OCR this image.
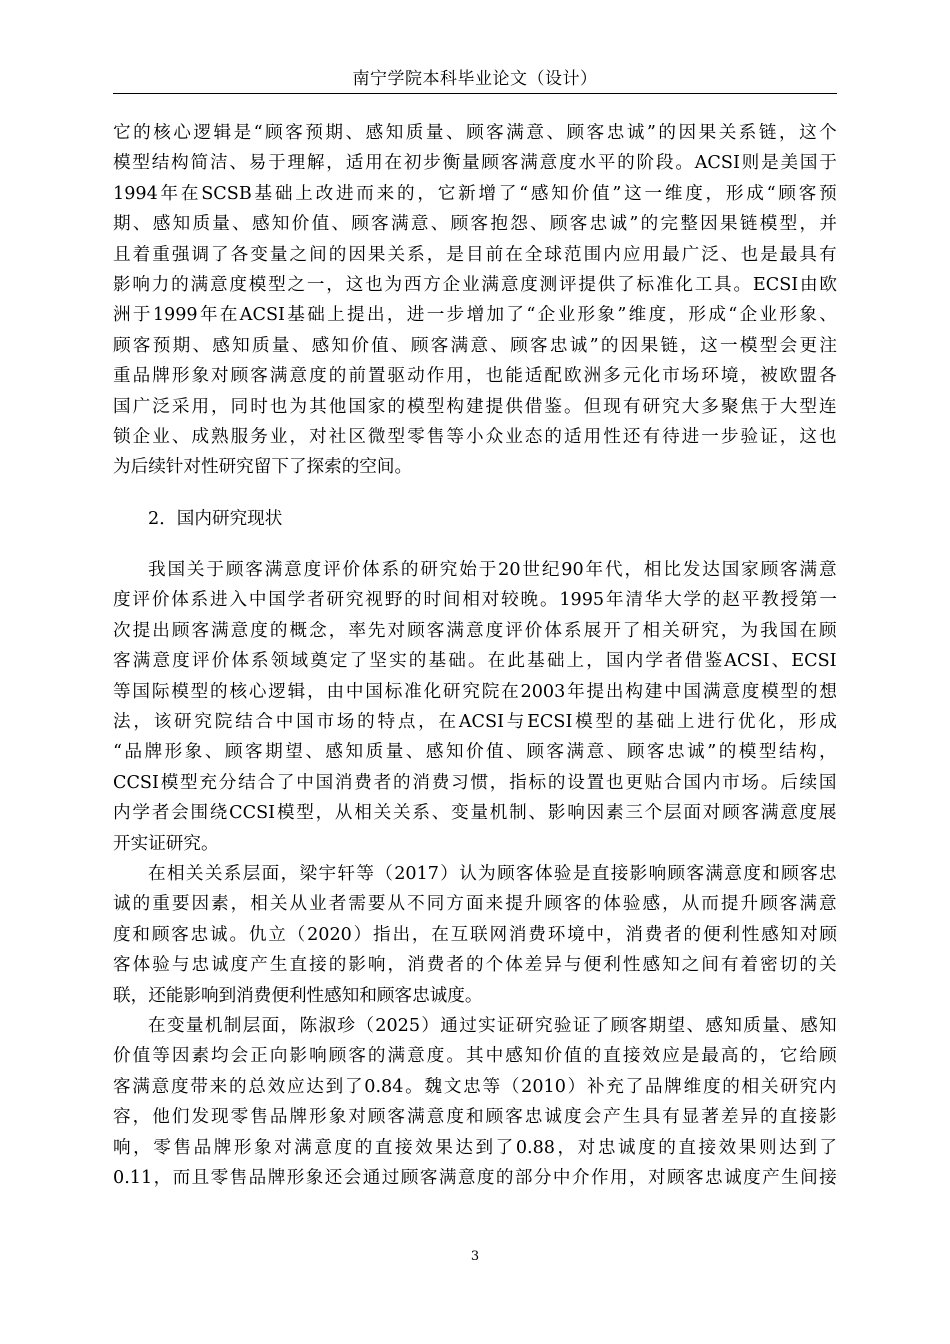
南宁学院本科毕业论文（设计）
它 的 核 心 逻 辑 是 “ 顾 客 预 期 、 感 知 质 量 、 顾 客 满 意 、 顾 客 忠 诚 ” 的 因 果 关 系 链 ， 这 个
模 型 结 构 简 洁 、 易 于 理 解 ， 适 用 在 初 步 衡 量 顾 客 满 意 度 水 平 的 阶 段 。 ACSI 则 是 美 国 于
1994 年 在 SCSB 基 础 上 改 进 而 来 的 ， 它 新 增 了 “ 感 知 价 值 ” 这 一 维 度 ， 形 成 “ 顾 客 预
期 、 感 知 质 量 、 感 知 价 值 、 顾 客 满 意 、 顾 客 抱 怨 、 顾 客 忠 诚 ” 的 完 整 因 果 链 模 型 ， 并
且 着 重 强 调 了 各 变 量 之 间 的 因 果 关 系 ， 是 目 前 在 全 球 范 围 内 应 用 最 广 泛 、 也 是 最 具 有
影 响 力 的 满 意 度 模 型 之 一 ， 这 也 为 西 方 企 业 满 意 度 测 评 提 供 了 标 准 化 工 具 。 ECSI 由 欧
洲 于 1999 年 在 ACSI 基 础 上 提 出 ， 进 一 步 增 加 了 “ 企 业 形 象 ” 维 度 ， 形 成 “ 企 业 形 象 、
顾 客 预 期 、 感 知 质 量 、 感 知 价 值 、 顾 客 满 意 、 顾 客 忠 诚 ” 的 因 果 链 ， 这 一 模 型 会 更 注
重 品 牌 形 象 对 顾 客 满 意 度 的 前 置 驱 动 作 用 ， 也 能 适 配 欧 洲 多 元 化 市 场 环 境 ， 被 欧 盟 各
国 广 泛 采 用 ， 同 时 也 为 其 他 国 家 的 模 型 构 建 提 供 借 鉴 。 但 现 有 研 究 大 多 聚 焦 于 大 型 连
锁 企 业 、 成 熟 服 务 业 ， 对 社 区 微 型 零 售 等 小 众 业 态 的 适 用 性 还 有 待 进 一 步 验 证 ， 这 也
为后续针对性研究留下了探索的空间。
2．国内研究现状
我 国 关 于 顾 客 满 意 度 评 价 体 系 的 研 究 始 于 20 世 纪 90 年 代 ， 相 比 发 达 国 家 顾 客 满 意
度 评 价 体 系 进 入 中 国 学 者 研 究 视 野 的 时 间 相 对 较 晚 。 1995 年 清 华 大 学 的 赵 平 教 授 第 一
次 提 出 顾 客 满 意 度 的 概 念 ， 率 先 对 顾 客 满 意 度 评 价 体 系 展 开 了 相 关 研 究 ， 为 我 国 在 顾
客 满 意 度 评 价 体 系 领 域 奠 定 了 坚 实 的 基 础 。 在 此 基 础 上 ， 国 内 学 者 借 鉴 ACSI 、 ECSI
等 国 际 模 型 的 核 心 逻 辑 ， 由 中 国 标 准 化 研 究 院 在 2003 年 提 出 构 建 中 国 满 意 度 模 型 的 想
法 ， 该 研 究 院 结 合 中 国 市 场 的 特 点 ， 在 ACSI 与 ECSI 模 型 的 基 础 上 进 行 优 化 ， 形 成
“ 品 牌 形 象 、 顾 客 期 望 、 感 知 质 量 、 感 知 价 值 、 顾 客 满 意 、 顾 客 忠 诚 ” 的 模 型 结 构 ，
CCSI 模 型 充 分 结 合 了 中 国 消 费 者 的 消 费 习 惯 ， 指 标 的 设 置 也 更 贴 合 国 内 市 场 。 后 续 国
内 学 者 会 围 绕 CCSI 模 型 ， 从 相 关 关 系 、 变 量 机 制 、 影 响 因 素 三 个 层 面 对 顾 客 满 意 度 展
开实证研究。
在 相 关 关 系 层 面 ， 梁 宇 轩 等 （ 2017 ） 认 为 顾 客 体 验 是 直 接 影 响 顾 客 满 意 度 和 顾 客 忠
诚 的 重 要 因 素 ， 相 关 从 业 者 需 要 从 不 同 方 面 来 提 升 顾 客 的 体 验 感 ， 从 而 提 升 顾 客 满 意
度 和 顾 客 忠 诚 。 仇 立 （ 2020 ） 指 出 ， 在 互 联 网 消 费 环 境 中 ， 消 费 者 的 便 利 性 感 知 对 顾
客 体 验 与 忠 诚 度 产 生 直 接 的 影 响 ， 消 费 者 的 个 体 差 异 与 便 利 性 感 知 之 间 有 着 密 切 的 关
联，还能影响到消费便利性感知和顾客忠诚度。
在 变 量 机 制 层 面 ， 陈 淑 珍 （ 2025 ） 通 过 实 证 研 究 验 证 了 顾 客 期 望 、 感 知 质 量 、 感 知
价 值 等 因 素 均 会 正 向 影 响 顾 客 的 满 意 度 。 其 中 感 知 价 值 的 直 接 效 应 是 最 高 的 ， 它 给 顾
客 满 意 度 带 来 的 总 效 应 达 到 了 0.84 。 魏 文 忠 等 （ 2010 ） 补 充 了 品 牌 维 度 的 相 关 研 究 内
容 ， 他 们 发 现 零 售 品 牌 形 象 对 顾 客 满 意 度 和 顾 客 忠 诚 度 会 产 生 具 有 显 著 差 异 的 直 接 影
响 ， 零 售 品 牌 形 象 对 满 意 度 的 直 接 效 果 达 到 了 0.88 ， 对 忠 诚 度 的 直 接 效 果 则 达 到 了
0.11 ， 而 且 零 售 品 牌 形 象 还 会 通 过 顾 客 满 意 度 的 部 分 中 介 作 用 ， 对 顾 客 忠 诚 度 产 生 间 接
3
